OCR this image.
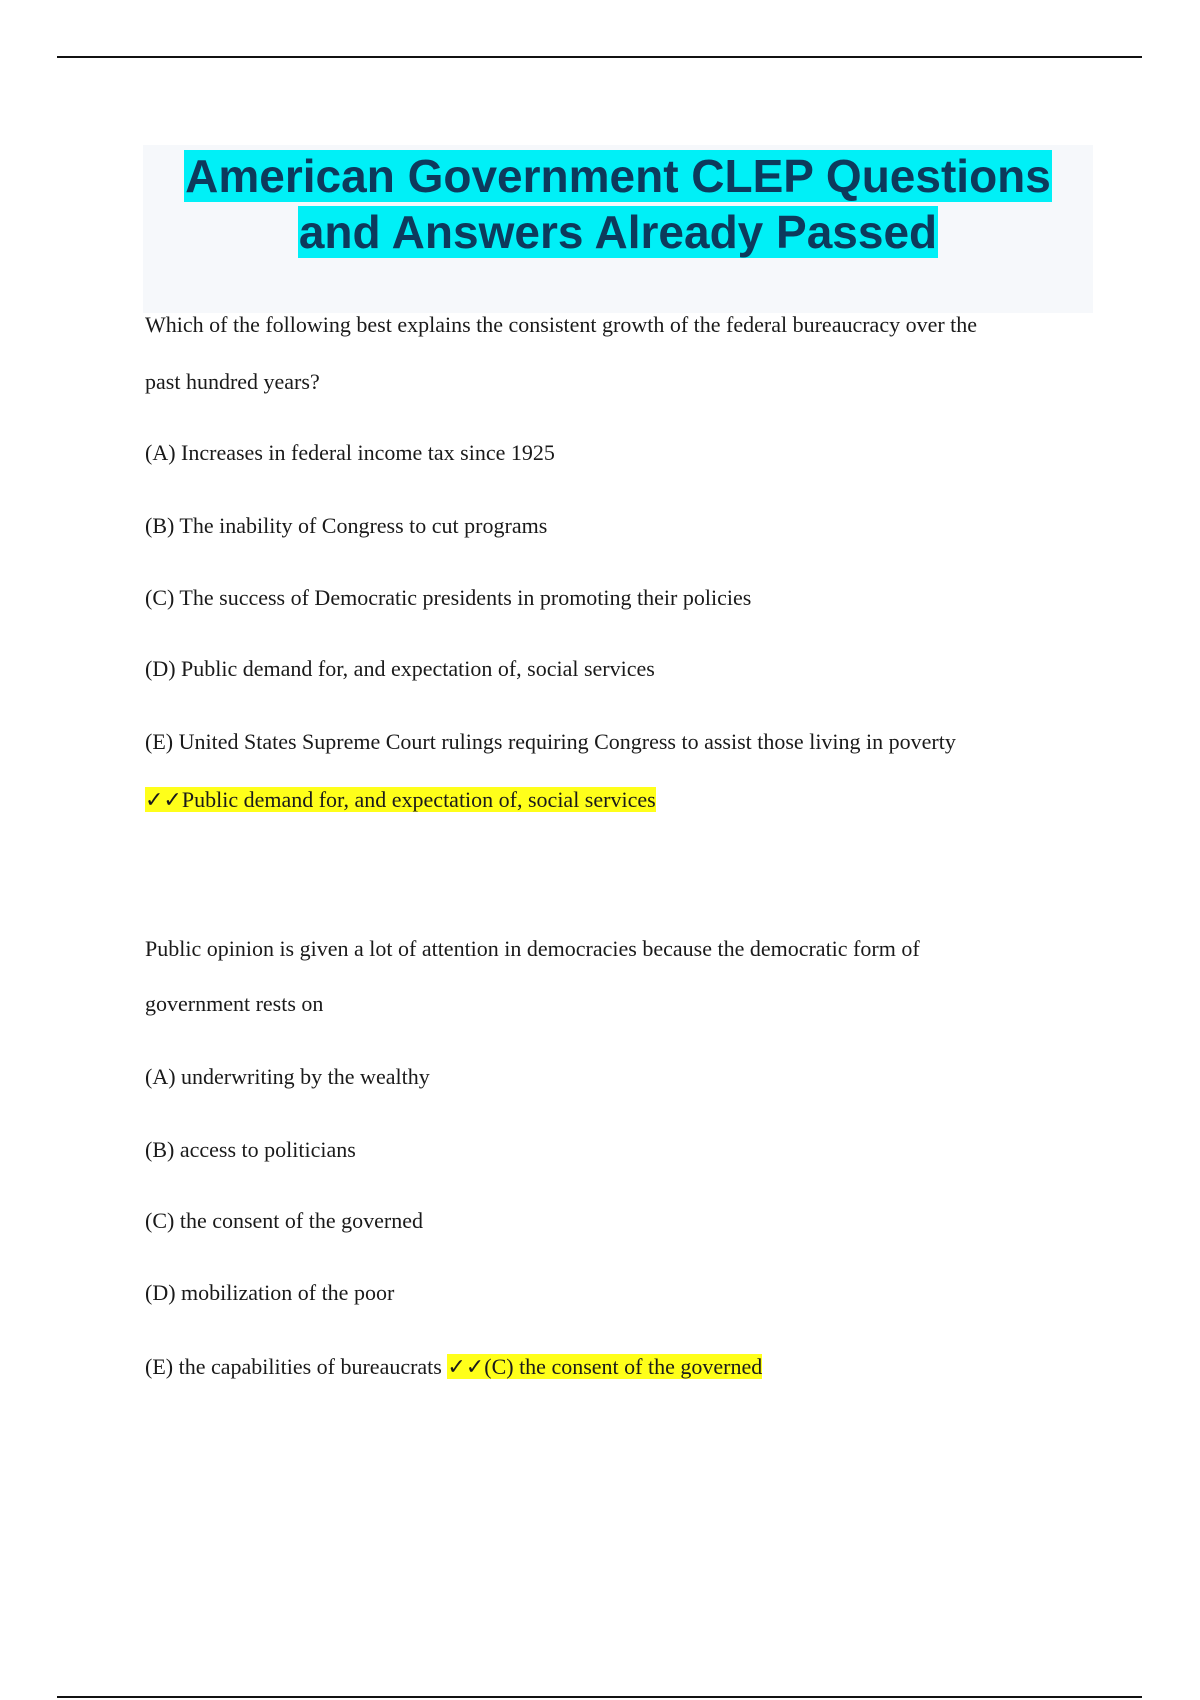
American Government CLEP Questions
and Answers Already Passed
Which of the following best explains the consistent growth of the federal bureaucracy over the
past hundred years?
(A) Increases in federal income tax since 1925
(B) The inability of Congress to cut programs
(C) The success of Democratic presidents in promoting their policies
(D) Public demand for, and expectation of, social services
(E) United States Supreme Court rulings requiring Congress to assist those living in poverty
✓✓Public demand for, and expectation of, social services
Public opinion is given a lot of attention in democracies because the democratic form of
government rests on
(A) underwriting by the wealthy
(B) access to politicians
(C) the consent of the governed
(D) mobilization of the poor
(E) the capabilities of bureaucrats ✓✓(C) the consent of the governed
